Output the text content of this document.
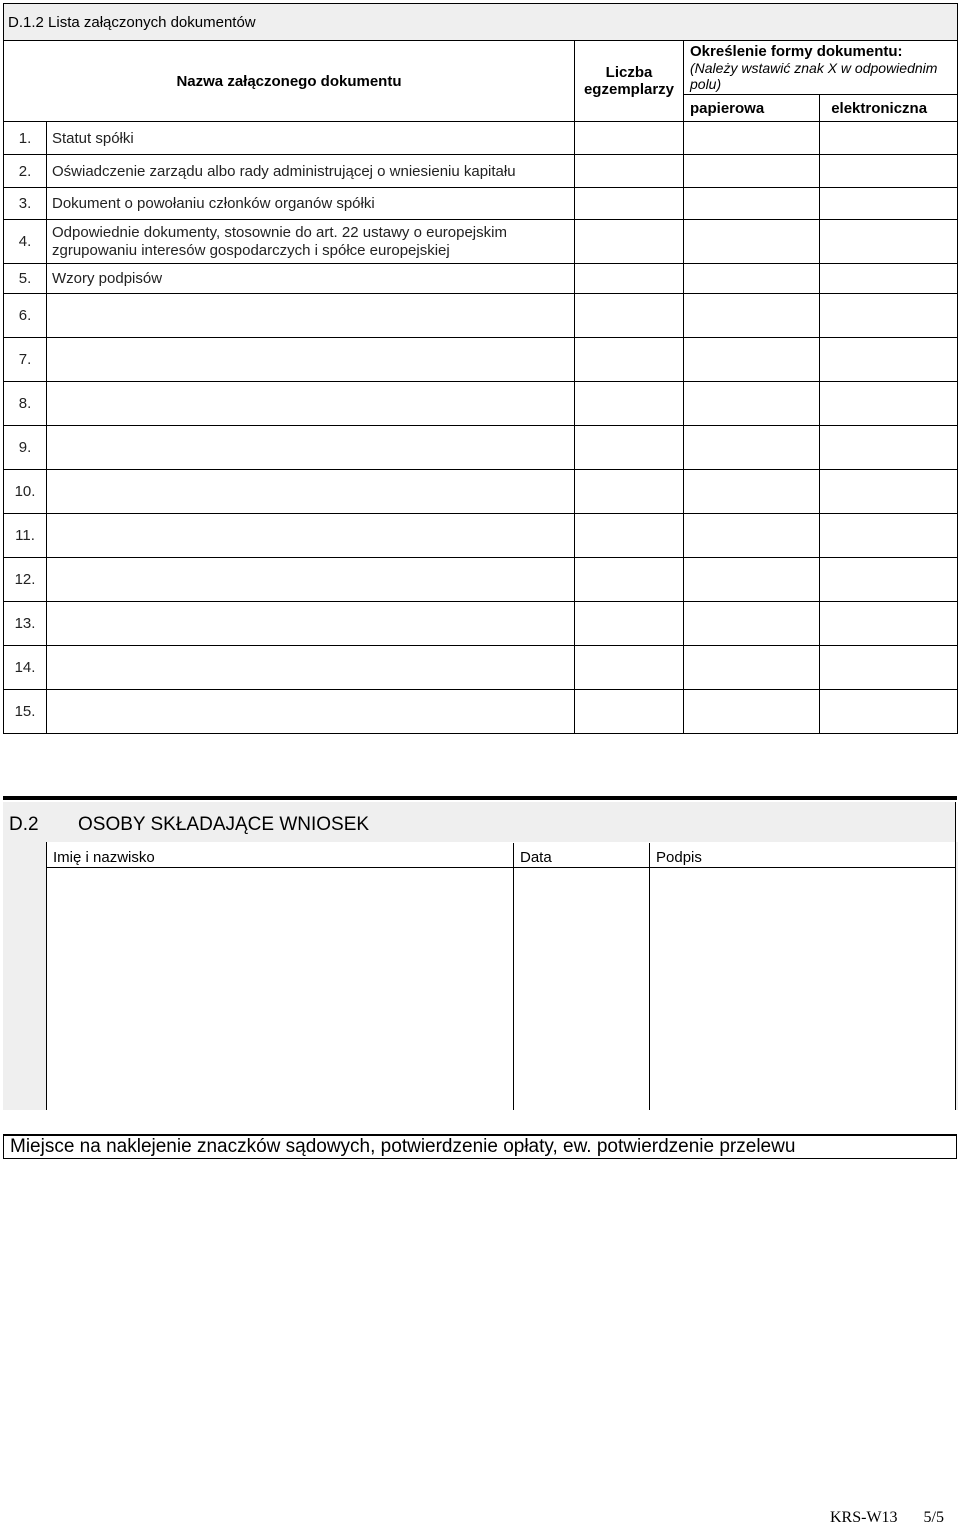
D.1.2 Lista załączonych dokumentów				
Nazwa załączonego dokumentu		Liczba egzemplarzy	Określenie formy dokumentu:
(Należy wstawić znak X w odpowiednim polu)	

			papierowa	elektroniczna
1.	Statut spółki			
2.	Oświadczenie zarządu albo rady administrującej o wniesieniu kapitału			
3.	Dokument o powołaniu członków organów spółki			
4.	Odpowiednie dokumenty, stosownie do art. 22 ustawy o europejskim zgrupowaniu interesów gospodarczych i spółce europejskiej			
5.	Wzory podpisów			
6.				
7.				
8.				
9.				
10.				
11.				
12.				
13.				
14.				
15.				
D.2 OSOBY SKŁADAJĄCE WNIOSEK
Imię i nazwisko	Data	Podpis
Miejsce na naklejenie znaczków sądowych, potwierdzenie opłaty, ew. potwierdzenie przelewu
KRS-W13 5/5
